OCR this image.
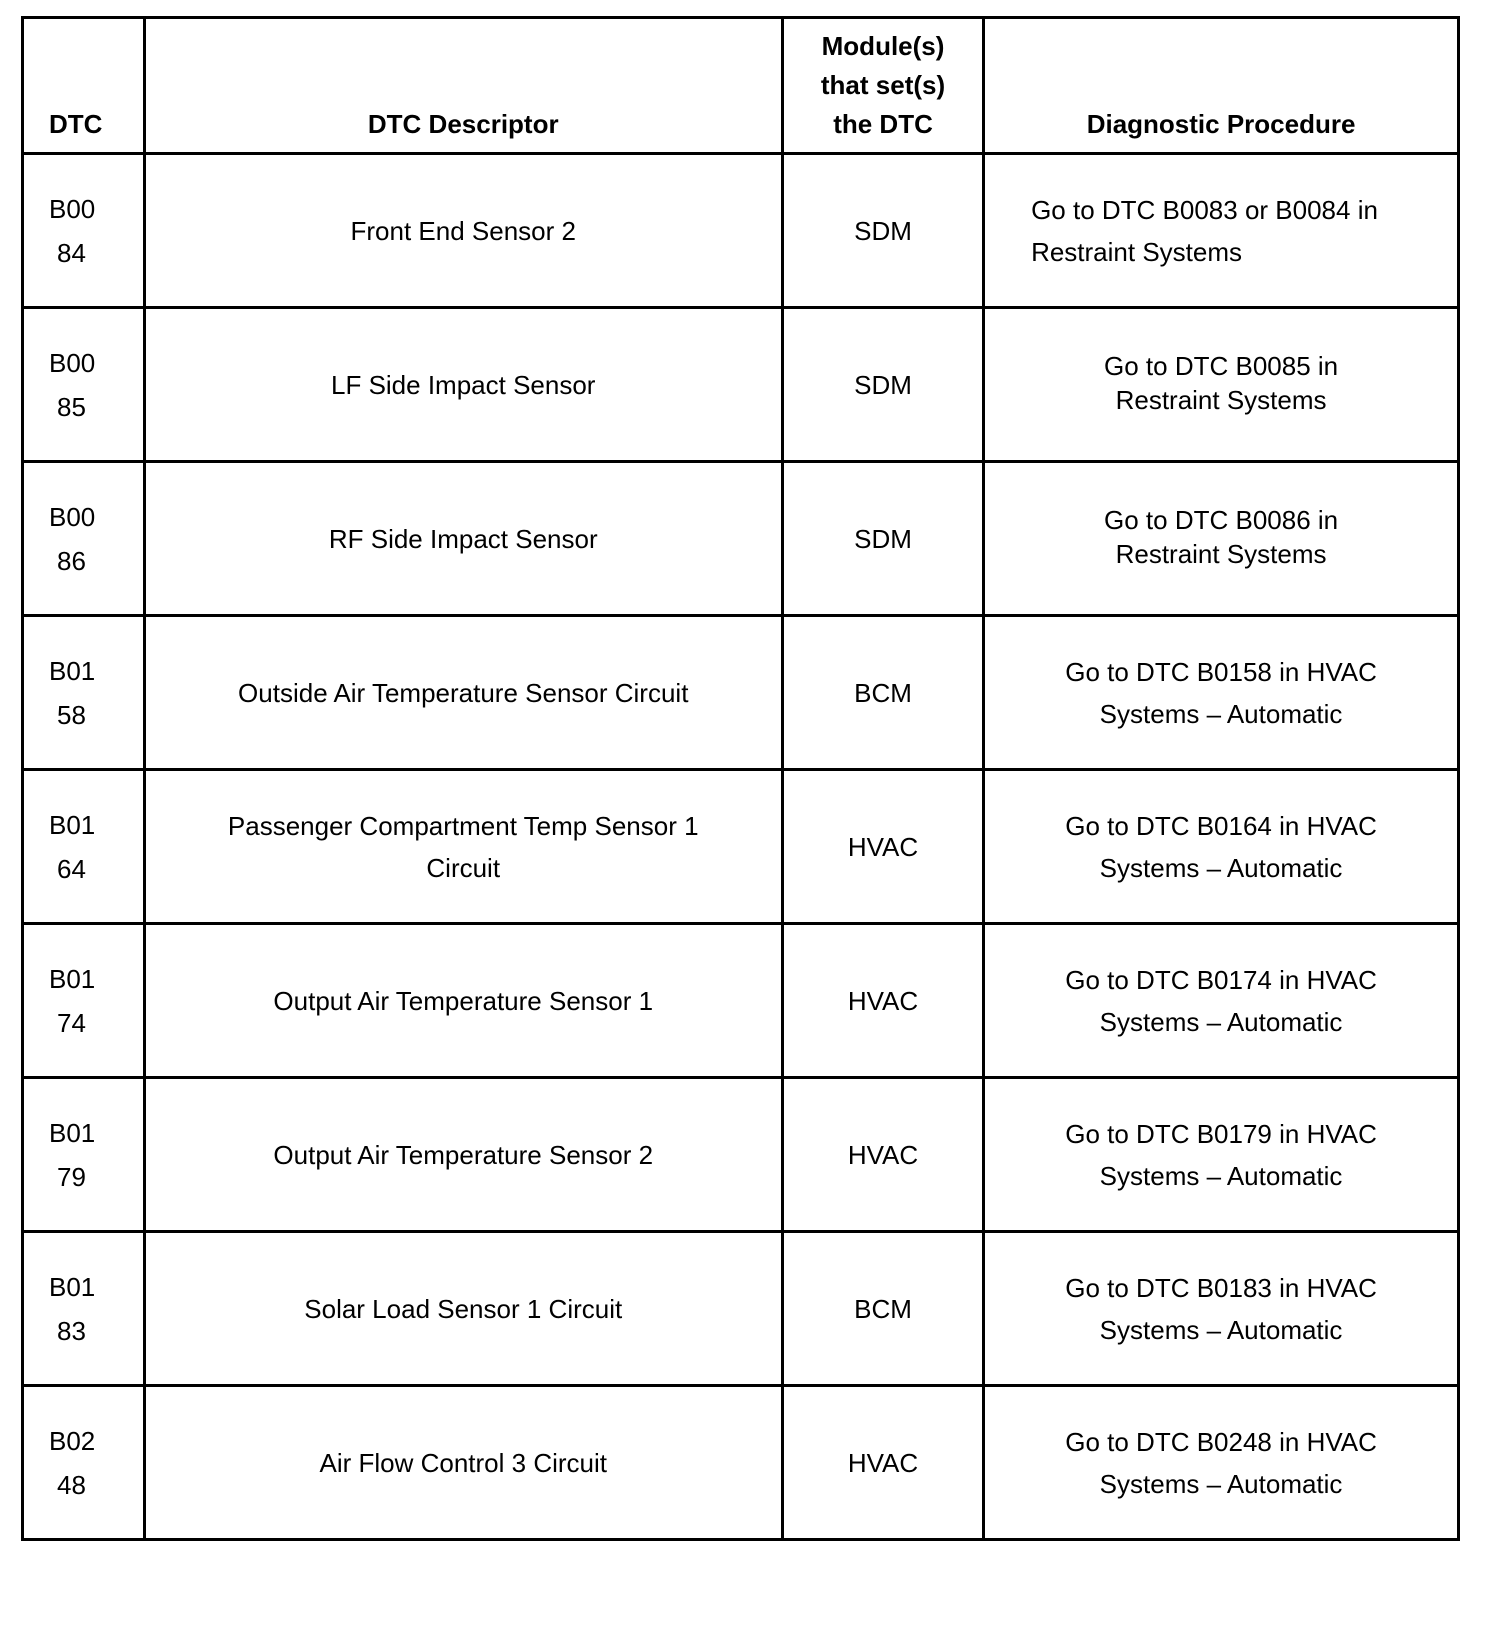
DTC	DTC Descriptor	Module(s)
that set(s)
the DTC	Diagnostic Procedure

B00
84	Front End Sensor 2	SDM	Go to DTC B0083 or B0084 in Restraint Systems

B00
85	LF Side Impact Sensor	SDM	Go to DTC B0085 in Restraint Systems

B00
86	RF Side Impact Sensor	SDM	Go to DTC B0086 in Restraint Systems

B01
58	Outside Air Temperature Sensor Circuit	BCM	Go to DTC B0158 in HVAC Systems – Automatic

B01
64	Passenger Compartment Temp Sensor 1 Circuit	HVAC	Go to DTC B0164 in HVAC Systems – Automatic

B01
74	Output Air Temperature Sensor 1	HVAC	Go to DTC B0174 in HVAC Systems – Automatic

B01
79	Output Air Temperature Sensor 2	HVAC	Go to DTC B0179 in HVAC Systems – Automatic

B01
83	Solar Load Sensor 1 Circuit	BCM	Go to DTC B0183 in HVAC Systems – Automatic

B02
48	Air Flow Control 3 Circuit	HVAC	Go to DTC B0248 in HVAC Systems – Automatic
